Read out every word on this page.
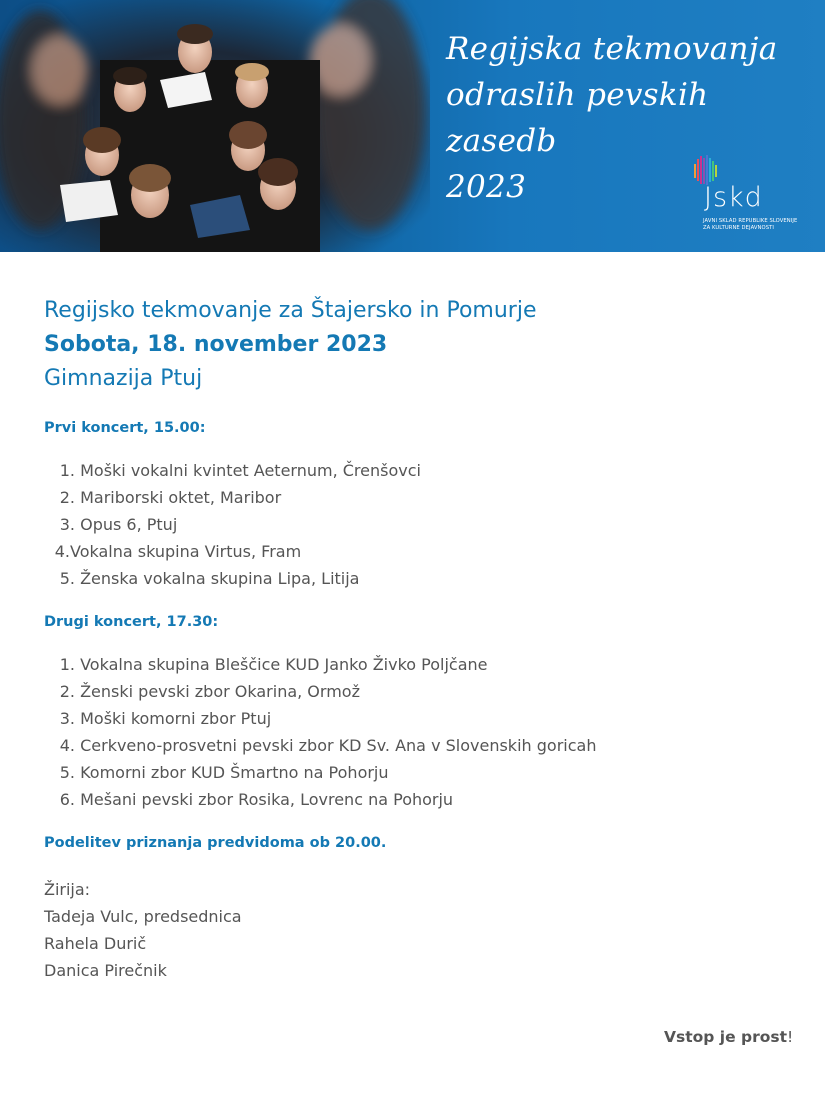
Regijska tekmovanja
odraslih pevskih zasedb
2023	Jskd
JAVNI SKLAD REPUBLIKE SLOVENIJE
ZA KULTURNE DEJAVNOSTI
Regijsko tekmovanje za Štajersko in Pomurje
Sobota, 18. november 2023
Gimnazija Ptuj

Prvi koncert, 15.00:

1. Moški vokalni kvintet Aeternum, Črenšovci
2. Mariborski oktet, Maribor
3. Opus 6, Ptuj
4.Vokalna skupina Virtus, Fram
5. Ženska vokalna skupina Lipa, Litija

Drugi koncert, 17.30:

1. Vokalna skupina Bleščice KUD Janko Živko Poljčane
2. Ženski pevski zbor Okarina, Ormož
3. Moški komorni zbor Ptuj
4. Cerkveno-prosvetni pevski zbor KD Sv. Ana v Slovenskih goricah
5. Komorni zbor KUD Šmartno na Pohorju
6. Mešani pevski zbor Rosika, Lovrenc na Pohorju

Podelitev priznanja predvidoma ob 20.00.

Žirija:
Tadeja Vulc, predsednica
Rahela Durič
Danica Pirečnik
Vstop je prost!
